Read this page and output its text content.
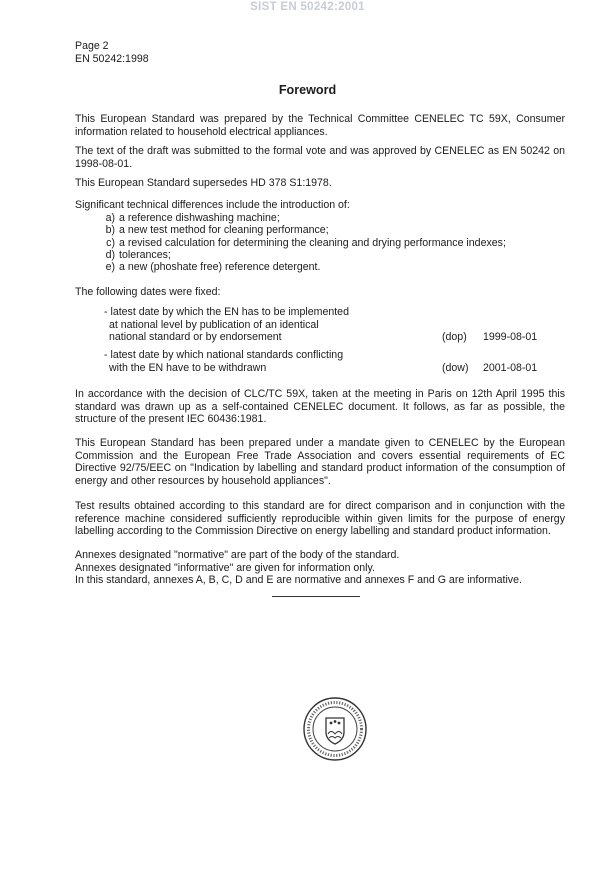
SIST EN 50242:2001
Page 2
EN 50242:1998
Foreword
This European Standard was prepared by the Technical Committee CENELEC TC 59X, Consumer information related to household electrical appliances.
The text of the draft was submitted to the formal vote and was approved by CENELEC as EN 50242 on 1998-08-01.
This European Standard supersedes HD 378 S1:1978.
Significant technical differences include the introduction of:
a) a reference dishwashing machine;
b) a new test method for cleaning performance;
c) a revised calculation for determining the cleaning and drying performance indexes;
d) tolerances;
e) a new (phoshate free) reference detergent.
The following dates were fixed:
- latest date by which the EN has to be implemented
at national level by publication of an identical
national standard or by endorsement	(dop)	1999-08-01
- latest date by which national standards conflicting
with the EN have to be withdrawn	(dow)	2001-08-01
In accordance with the decision of CLC/TC 59X, taken at the meeting in Paris on 12th April 1995 this standard was drawn up as a self-contained CENELEC document. It follows, as far as possible, the structure of the present IEC 60436:1981.
This European Standard has been prepared under a mandate given to CENELEC by the European Commission and the European Free Trade Association and covers essential requirements of EC Directive 92/75/EEC on "Indication by labelling and standard product information of the consumption of energy and other resources by household appliances".
Test results obtained according to this standard are for direct comparison and in conjunction with the reference machine considered sufficiently reproducible within given limits for the purpose of energy labelling according to the Commission Directive on energy labelling and standard product information.
Annexes designated "normative" are part of the body of the standard.
Annexes designated "informative" are given for information only.
In this standard, annexes A, B, C, D and E are normative and annexes F and G are informative.
